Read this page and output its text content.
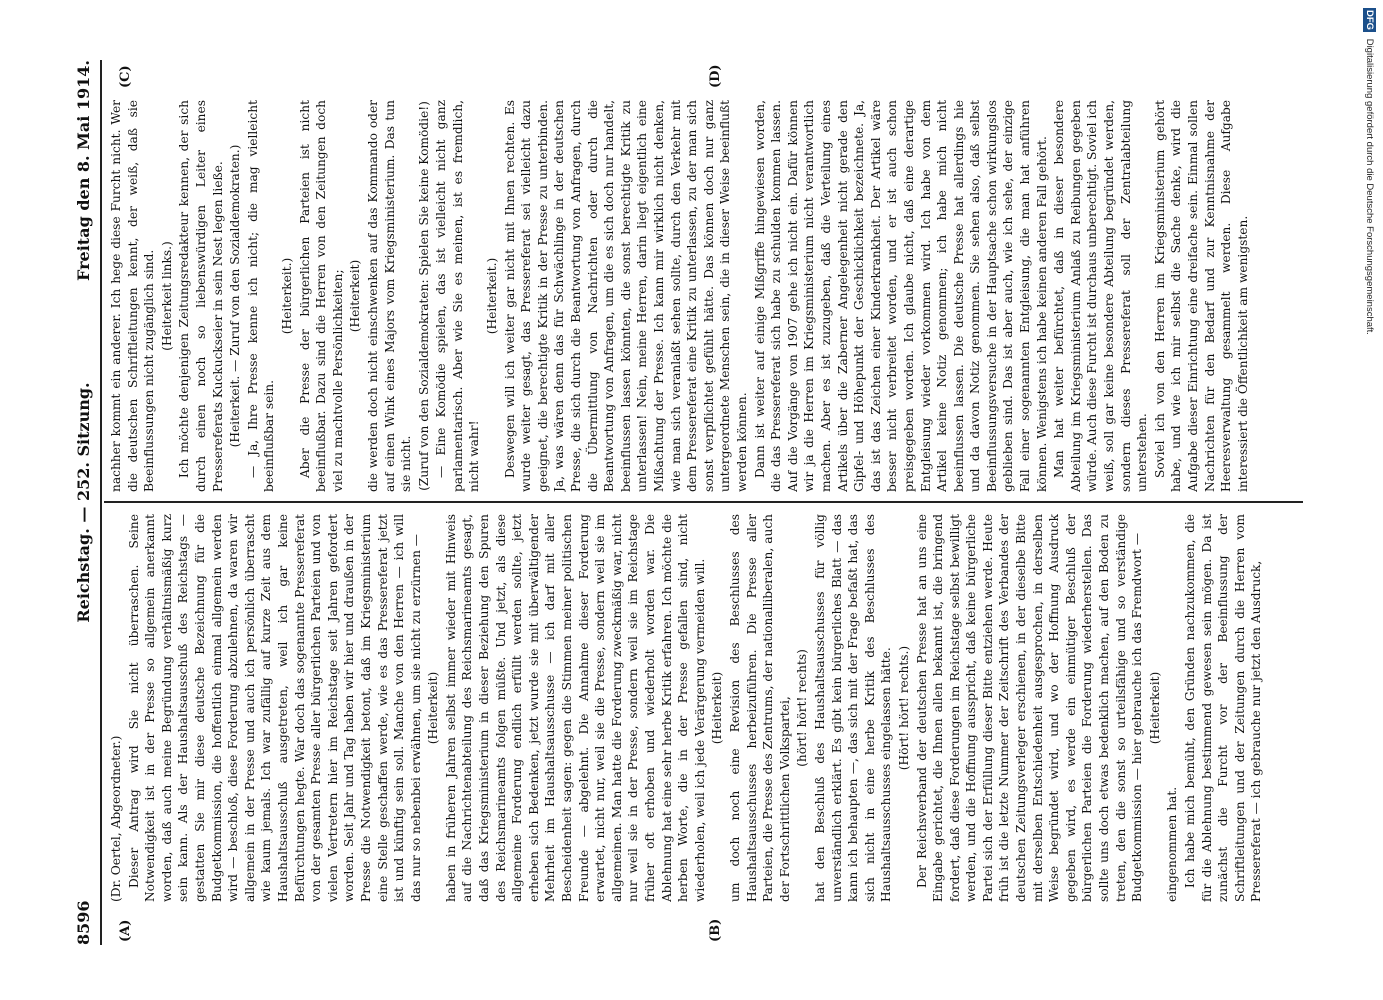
8596
Reichstag. — 252. Sitzung.
Freitag den 8. Mai 1914.
(A)	(B)
(C)	(D)

(Dr. Oertel, Abgeordneter.) Dieser Antrag wird Sie nicht überraschen. Seine Notwendigkeit ist in der Presse so allgemein anerkannt worden, daß auch meine Begründung verhältnismäßig kurz sein kann. Als der Haushaltsausschuß des Reichstags — gestatten Sie mir diese deutsche Bezeichnung für die Budgetkommission, die hoffentlich einmal allgemein werden wird — beschloß, diese Forderung abzulehnen, da waren wir allgemein in der Presse und auch ich persönlich überrascht wie kaum jemals. Ich war zufällig auf kurze Zeit aus dem Haushaltsausschuß ausgetreten, weil ich gar keine Befürchtungen hegte. War doch das sogenannte Pressereferat von der gesamten Presse aller bürgerlichen Parteien und von vielen Vertretern hier im Reichstage seit Jahren gefordert worden. Seit Jahr und Tag haben wir hier und draußen in der Presse die Notwendigkeit betont, daß im Kriegsministerium eine Stelle geschaffen werde, wie es das Pressereferat jetzt ist und künftig sein soll. Manche von den Herren — ich will das nur so nebenbei erwähnen, um sie nicht zu erzürnen — (Heiterkeit) haben in früheren Jahren selbst immer wieder mit Hinweis auf die Nachrichtenabteilung des Reichsmarineamts gesagt, daß das Kriegsministerium in dieser Beziehung den Spuren des Reichsmarineamts folgen müßte. Und jetzt, als diese allgemeine Forderung endlich erfüllt werden sollte, jetzt erheben sich Bedenken, jetzt wurde sie mit überwältigender Mehrheit im Haushaltsausschusse — ich darf mit aller Bescheidenheit sagen: gegen die Stimmen meiner politischen Freunde — abgelehnt. Die Annahme dieser Forderung erwartet, nicht nur, weil sie die Presse, sondern weil sie im allgemeinen. Man hatte die Forderung zweckmäßig war, nicht nur weil sie in der Presse, sondern weil sie im Reichstage früher oft erhoben und wiederholt worden war. Die Ablehnung hat eine sehr herbe Kritik erfahren. Ich möchte die herben Worte, die in der Presse gefallen sind, nicht wiederholen, weil ich jede Verärgerung vermeiden will. (Heiterkeit) um doch noch eine Revision des Beschlusses des Haushaltsausschusses herbeizuführen. Die Presse aller Parteien, die Presse des Zentrums, der nationalliberalen, auch der Fortschrittlichen Volkspartei, (hört! hört! rechts) hat den Beschluß des Haushaltsausschusses für völlig unverständlich erklärt. Es gibt kein bürgerliches Blatt — das kann ich behaupten —, das sich mit der Frage befaßt hat, das sich nicht in eine herbe Kritik des Beschlusses des Haushaltsausschusses eingelassen hätte. (Hört! hört! rechts.) Der Reichsverband der deutschen Presse hat an uns eine Eingabe gerichtet, die Ihnen allen bekannt ist, die bringend fordert, daß diese Forderungen im Reichstage selbst bewilligt werden, und die Hoffnung ausspricht, daß keine bürgerliche Partei sich der Erfüllung dieser Bitte entziehen werde. Heute früh ist die letzte Nummer der Zeitschrift des Verbandes der deutschen Zeitungsverleger erschienen, in der dieselbe Bitte mit derselben Entschiedenheit ausgesprochen, in derselben Weise begründet wird, und wo der Hoffnung Ausdruck gegeben wird, es werde ein einmütiger Beschluß der bürgerlichen Parteien die Forderung wiederherstellen. Das sollte uns doch etwas bedenklich machen, auf den Boden zu treten, den die sonst so urteilsfähige und so verständige Budgetkommission — hier gebrauche ich das Fremdwort — (Heiterkeit)

eingenommen hat. Ich habe mich bemüht, den Gründen nachzukommen, die für die Ablehnung bestimmend gewesen sein mögen. Da ist zunächst die Furcht vor der Beeinflussung der Schriftleitungen und der Zeitungen durch die Herren vom Pressereferat — ich gebrauche nur jetzt den Ausdruck,

nachher kommt ein anderer. Ich hege diese Furcht nicht. Wer die deutschen Schriftleitungen kennt, der weiß, daß sie Beeinflussungen nicht zugänglich sind. (Heiterkeit links.) Ich möchte denjenigen Zeitungsredakteur kennen, der sich durch einen noch so liebenswürdigen Leiter eines Pressereferats Kuckuckseier in sein Nest legen ließe. (Heiterkeit. — Zuruf von den Sozialdemokraten.) — Ja, Ihre Presse kenne ich nicht; die mag vielleicht beeinflußbar sein.

(Heiterkeit.) Aber die Presse der bürgerlichen Parteien ist nicht beeinflußbar. Dazu sind die Herren von den Zeitungen doch viel zu machtvolle Persönlichkeiten; (Heiterkeit) die werden doch nicht einschwenken auf das Kommando oder auf einen Wink eines Majors vom Kriegsministerium. Das tun sie nicht. (Zuruf von den Sozialdemokraten: Spielen Sie keine Komödie!) — Eine Komödie spielen, das ist vielleicht nicht ganz parlamentarisch. Aber wie Sie es meinen, ist es fremdlich, nicht wahr!

(Heiterkeit.) Deswegen will ich weiter gar nicht mit Ihnen rechten. Es wurde weiter gesagt, das Pressereferat sei vielleicht dazu geeignet, die berechtigte Kritik in der Presse zu unterbinden. Ja, was wären denn das für Schwächlinge in der deutschen Presse, die sich durch die Beantwortung von Anfragen, durch die Übermittlung von Nachrichten oder durch die Beantwortung von Anfragen, um die es sich doch nur handelt, beeinflussen lassen könnten, die sonst berechtigte Kritik zu unterlassen! Nein, meine Herren, darin liegt eigentlich eine Mißachtung der Presse. Ich kann mir wirklich nicht denken, wie man sich veranlaßt sehen sollte, durch den Verkehr mit dem Pressereferat eine Kritik zu unterlassen, zu der man sich sonst verpflichtet gefühlt hätte. Das können doch nur ganz untergeordnete Menschen sein, die in dieser Weise beeinflußt werden können. Dann ist weiter auf einige Mißgriffe hingewiesen worden, die das Pressereferat sich habe zu schulden kommen lassen. Auf die Vorgänge von 1907 gehe ich nicht ein. Dafür können wir ja die Herren im Kriegsministerium nicht verantwortlich machen. Aber es ist zuzugeben, daß die Verteilung eines Artikels über die Zaberner Angelegenheit nicht gerade den Gipfel- und Höhepunkt der Geschicklichkeit bezeichnete. Ja, das ist das Zeichen einer Kinderkrankheit. Der Artikel wäre besser nicht verbreitet worden, und er ist auch schon preisgegeben worden. Ich glaube nicht, daß eine derartige Entgleisung wieder vorkommen wird. Ich habe von dem Artikel keine Notiz genommen; ich habe mich nicht beeinflussen lassen. Die deutsche Presse hat allerdings hie und da davon Notiz genommen. Sie sehen also, daß selbst Beeinflussungsversuche in der Hauptsache schon wirkungslos geblieben sind. Das ist aber auch, wie ich sehe, der einzige Fall einer sogenannten Entgleisung, die man hat anführen können. Wenigstens ich habe keinen anderen Fall gehört. Man hat weiter befürchtet, daß in dieser besondere Abteilung im Kriegsministerium Anlaß zu Reibungen gegeben würde. Auch diese Furcht ist durchaus unberechtigt. Soviel ich weiß, soll gar keine besondere Abteilung begründet werden, sondern dieses Pressereferat soll der Zentralabteilung unterstehen. Soviel ich von den Herren im Kriegsministerium gehört habe, und wie ich mir selbst die Sache denke, wird die Aufgabe dieser Einrichtung eine dreifache sein. Einmal sollen Nachrichten für den Bedarf und zur Kenntnisnahme der Heeresverwaltung gesammelt werden. Diese Aufgabe interessiert die Öffentlichkeit am wenigsten.

DFG Digitalisierung gefördert durch die Deutsche Forschungsgemeinschaft.
